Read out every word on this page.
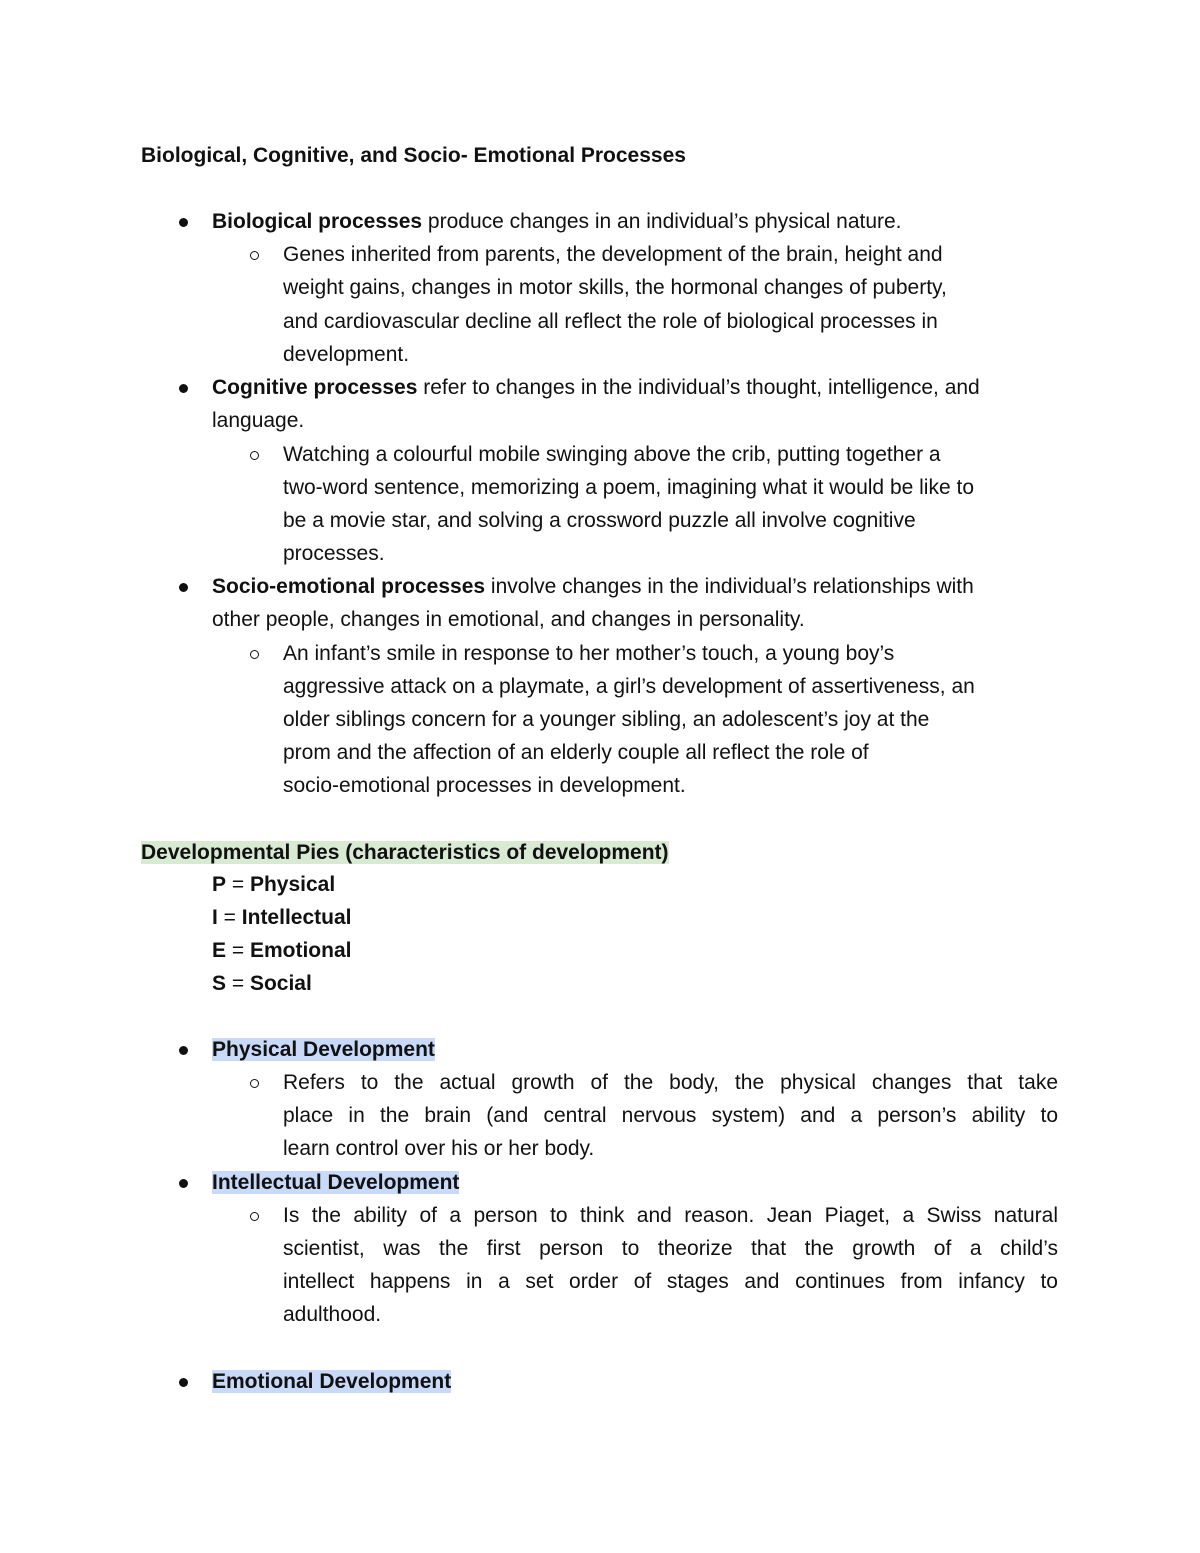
Biological, Cognitive, and Socio- Emotional Processes
Biological processes produce changes in an individual’s physical nature.
Genes inherited from parents, the development of the brain, height and
weight gains, changes in motor skills, the hormonal changes of puberty,
and cardiovascular decline all reflect the role of biological processes in
development.
Cognitive processes refer to changes in the individual’s thought, intelligence, and
language.
Watching a colourful mobile swinging above the crib, putting together a
two-word sentence, memorizing a poem, imagining what it would be like to
be a movie star, and solving a crossword puzzle all involve cognitive
processes.
Socio-emotional processes involve changes in the individual’s relationships with
other people, changes in emotional, and changes in personality.
An infant’s smile in response to her mother’s touch, a young boy’s
aggressive attack on a playmate, a girl’s development of assertiveness, an
older siblings concern for a younger sibling, an adolescent’s joy at the
prom and the affection of an elderly couple all reflect the role of
socio-emotional processes in development.
Developmental Pies (characteristics of development)
P = Physical
I = Intellectual
E = Emotional
S = Social
Physical Development
Refers to the actual growth of the body, the physical changes that take
place in the brain (and central nervous system) and a person’s ability to
learn control over his or her body.
Intellectual Development
Is the ability of a person to think and reason. Jean Piaget, a Swiss natural
scientist, was the first person to theorize that the growth of a child’s
intellect happens in a set order of stages and continues from infancy to
adulthood.
Emotional Development
